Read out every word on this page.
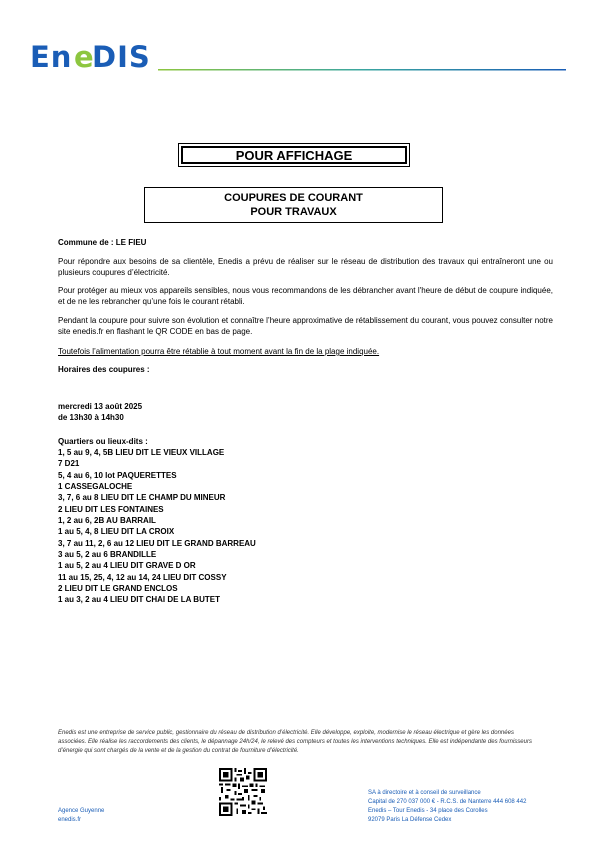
En e
DIS
POUR AFFICHAGE
COUPURES DE COURANT
POUR TRAVAUX
Commune de : LE FIEU
Pour répondre aux besoins de sa clientèle, Enedis a prévu de réaliser sur le réseau de distribution des travaux qui entraîneront une ou plusieurs coupures d’électricité.
Pour protéger au mieux vos appareils sensibles, nous vous recommandons de les débrancher avant l'heure de début de coupure indiquée, et de ne les rebrancher qu’une fois le courant rétabli.
Pendant la coupure pour suivre son évolution et connaître l’heure approximative de rétablissement du courant, vous pouvez consulter notre site enedis.fr en flashant le QR CODE en bas de page.
Toutefois l’alimentation pourra être rétablie à tout moment avant la fin de la plage indiquée.
Horaires des coupures :
mercredi 13 août 2025
de 13h30 à 14h30
Quartiers ou lieux-dits :
1, 5 au 9, 4, 5B LIEU DIT LE VIEUX VILLAGE
7 D21
5, 4 au 6, 10 lot PAQUERETTES
1 CASSEGALOCHE
3, 7, 6 au 8 LIEU DIT LE CHAMP DU MINEUR
2 LIEU DIT LES FONTAINES
1, 2 au 6, 2B AU BARRAIL
1 au 5, 4, 8 LIEU DIT LA CROIX
3, 7 au 11, 2, 6 au 12 LIEU DIT LE GRAND BARREAU
3 au 5, 2 au 6 BRANDILLE
1 au 5, 2 au 4 LIEU DIT GRAVE D OR
11 au 15, 25, 4, 12 au 14, 24 LIEU DIT COSSY
2 LIEU DIT LE GRAND ENCLOS
1 au 3, 2 au 4 LIEU DIT CHAI DE LA BUTET
Enedis est une entreprise de service public, gestionnaire du réseau de distribution d’électricité. Elle développe, exploite, modernise le réseau électrique et gère les données associées. Elle réalise les raccordements des clients, le dépannage 24h/24, le relevé des compteurs et toutes les interventions techniques. Elle est indépendante des fournisseurs d’énergie qui sont chargés de la vente et de la gestion du contrat de fourniture d’électricité.
Agence Guyenne
enedis.fr
SA à directoire et à conseil de surveillance
Capital de 270 037 000 € - R.C.S. de Nanterre 444 608 442
Enedis – Tour Enedis - 34 place des Corolles
92079 Paris La Défense Cedex
